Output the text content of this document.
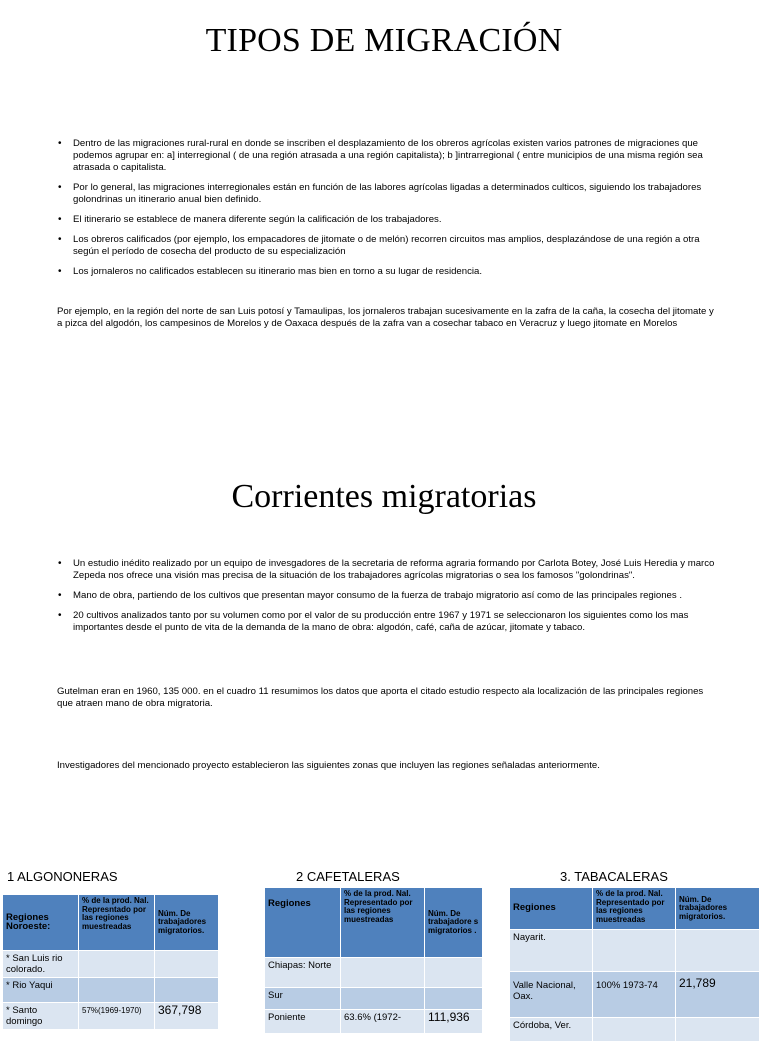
TIPOS DE MIGRACIÓN
• Dentro de las migraciones rural-rural en donde se inscriben el desplazamiento de los obreros agrícolas existen varios patrones de migraciones que podemos agrupar en: a] interregional ( de una región atrasada a una región capitalista); b ]intrarregional ( entre municipios de una misma región sea atrasada o capitalista.
• Por lo general, las migraciones interregionales están en función de las labores agrícolas ligadas a determinados culticos, siguiendo los trabajadores golondrinas un itinerario anual bien definido.
• El itinerario se establece de manera diferente según la calificación de los trabajadores.
• Los obreros calificados (por ejemplo, los empacadores de jitomate o de melón) recorren circuitos mas amplios, desplazándose de una región a otra según el período de cosecha del producto de su especialización
• Los jornaleros no calificados establecen su itinerario mas bien en torno a su lugar de residencia.

Por ejemplo, en la región del norte de san Luis potosí y Tamaulipas, los jornaleros trabajan sucesivamente en la zafra de la caña, la cosecha del jitomate y a pizca del algodón, los campesinos de Morelos y de Oaxaca después de la zafra van a cosechar tabaco en Veracruz y luego jitomate en Morelos

Corrientes migratorias
• Un estudio inédito realizado por un equipo de invesgadores de la secretaria de reforma agraria formando por Carlota Botey, José Luis Heredia y marco Zepeda nos ofrece una visión mas precisa de la situación de los trabajadores agrícolas migratorias o sea los famosos "golondrinas".
• Mano de obra, partiendo de los cultivos que presentan mayor consumo de la fuerza de trabajo migratorio así como de las principales regiones .
• 20 cultivos analizados tanto por su volumen como por el valor de su producción entre 1967 y 1971 se seleccionaron los siguientes como los mas importantes desde el punto de vita de la demanda de la mano de obra: algodón, café, caña de azúcar, jitomate y tabaco.

Gutelman eran en 1960, 135 000. en el cuadro 11 resumimos los datos que aporta el citado estudio respecto ala localización de las principales regiones que atraen mano de obra migratoria.

Investigadores del mencionado proyecto establecieron las siguientes zonas que incluyen las regiones señaladas anteriormente.

1 ALGONONERAS

Regiones Noroeste:	% de la prod. Nal. Represntado por las regiones muestreadas	Núm. De trabajadores migratorios.
* San Luis rio colorado.		
* Rio Yaqui		
* Santo domingo	57%(1969-1970)	367,798

2 CAFETALERAS

Regiones	% de la prod. Nal. Representado por las regiones muestreadas	Núm. De trabajadore s migratorios .
Chiapas: Norte		
Sur		
Poniente	63.6% (1972-	111,936

3. TABACALERAS

Regiones	% de la prod. Nal. Representado por las regiones muestreadas	Núm. De trabajadores migratorios.
Nayarit.		
Valle Nacional, Oax.	100% 1973-74	21,789
Córdoba, Ver.		
